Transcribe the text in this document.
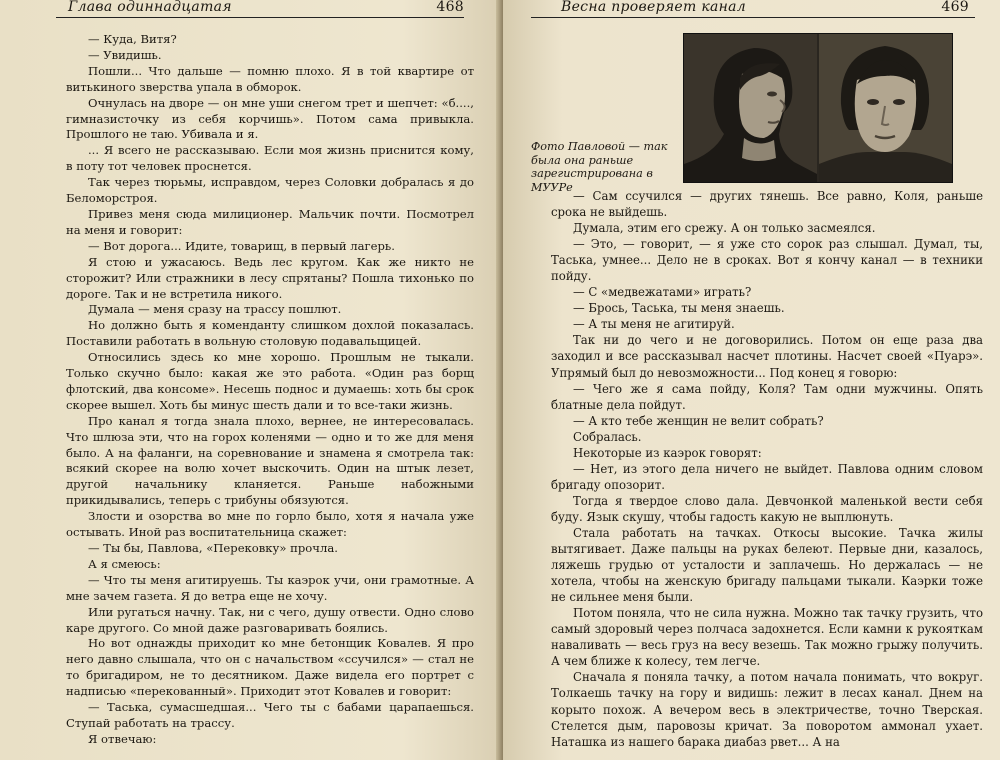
Глава одиннадцатая	468

— Куда, Витя?

— Увидишь.

Пошли... Что дальше — помню плохо. Я в той квартире от витькиного зверства упала в обморок.

Очнулась на дворе — он мне уши снегом трет и шепчет: «б...., гимназисточку из себя корчишь». Потом сама привыкла. Прошлого не таю. Убивала и я.

... Я всего не рассказываю. Если моя жизнь приснится кому, в поту тот человек проснется.

Так через тюрьмы, исправдом, через Соловки добралась я до Беломорстроя.

Привез меня сюда милиционер. Мальчик почти. Посмотрел на меня и говорит:

— Вот дорога... Идите, товарищ, в первый лагерь.

Я стою и ужасаюсь. Ведь лес кругом. Как же никто не сторожит? Или стражники в лесу спрятаны? Пошла тихонько по дороге. Так и не встретила никого.

Думала — меня сразу на трассу пошлют.

Но должно быть я коменданту слишком дохлой показалась. Поставили работать в вольную столовую подавальщицей.

Относились здесь ко мне хорошо. Прошлым не тыкали. Только скучно было: какая же это работа. «Один раз борщ флотский, два консоме». Несешь поднос и думаешь: хоть бы срок скорее вышел. Хоть бы минус шесть дали и то все-таки жизнь.

Про канал я тогда знала плохо, вернее, не интересовалась. Что шлюза эти, что на горох коленями — одно и то же для меня было. А на фаланги, на соревнование и знамена я смотрела так: всякий скорее на волю хочет выскочить. Один на штык лезет, другой начальнику кланяется. Раньше набожными прикидывались, теперь с трибуны обязуются.

Злости и озорства во мне по горло было, хотя я начала уже остывать. Иной раз воспитательница скажет:

— Ты бы, Павлова, «Перековку» прочла.

А я смеюсь:

— Что ты меня агитируешь. Ты каэрок учи, они грамотные. А мне зачем газета. Я до ветра еще не хочу.

Или ругаться начну. Так, ни с чего, душу отвести. Одно слово каре другого. Со мной даже разговаривать боялись.

Но вот однажды приходит ко мне бетонщик Ковалев. Я про него давно слышала, что он с начальством «ссучился» — стал не то бригадиром, не то десятником. Даже видела его портрет с надписью «перекованный». Приходит этот Ковалев и говорит:

— Таська, сумасшедшая... Чего ты с бабами царапаешься. Ступай работать на трассу.

Я отвечаю:

Весна проверяет канал	469
Фото Павловой — так была она раньше зарегистрирована в МУУРе

— Сам ссучился — других тянешь. Все равно, Коля, раньше срока не выйдешь.

Думала, этим его срежу. А он только засмеялся.

— Это, — говорит, — я уже сто сорок раз слышал. Думал, ты, Таська, умнее... Дело не в сроках. Вот я кончу канал — в техники пойду.

— С «медвежатами» играть?

— Брось, Таська, ты меня знаешь.

— А ты меня не агитируй.

Так ни до чего и не договорились. Потом он еще раза два заходил и все рассказывал насчет плотины. Насчет своей «Пуарэ». Упрямый был до невозможности... Под конец я говорю:

— Чего же я сама пойду, Коля? Там одни мужчины. Опять блатные дела пойдут.

— А кто тебе женщин не велит собрать?

Собралась.

Некоторые из каэрок говорят:

— Нет, из этого дела ничего не выйдет. Павлова одним словом бригаду опозорит.

Тогда я твердое слово дала. Девчонкой маленькой вести себя буду. Язык скушу, чтобы гадость какую не выплюнуть.

Стала работать на тачках. Откосы высокие. Тачка жилы вытягивает. Даже пальцы на руках белеют. Первые дни, казалось, ляжешь грудью от усталости и заплачешь. Но держалась — не хотела, чтобы на женскую бригаду пальцами тыкали. Каэрки тоже не сильнее меня были.

Потом поняла, что не сила нужна. Можно так тачку грузить, что самый здоровый через полчаса задохнется. Если камни к рукояткам наваливать — весь груз на весу везешь. Так можно грыжу получить. А чем ближе к колесу, тем легче.

Сначала я поняла тачку, а потом начала понимать, что вокруг. Толкаешь тачку на гору и видишь: лежит в лесах канал. Днем на корыто похож. А вечером весь в электричестве, точно Тверская. Стелется дым, паровозы кричат. За поворотом аммонал ухает. Наташка из нашего барака диабаз рвет... А на
